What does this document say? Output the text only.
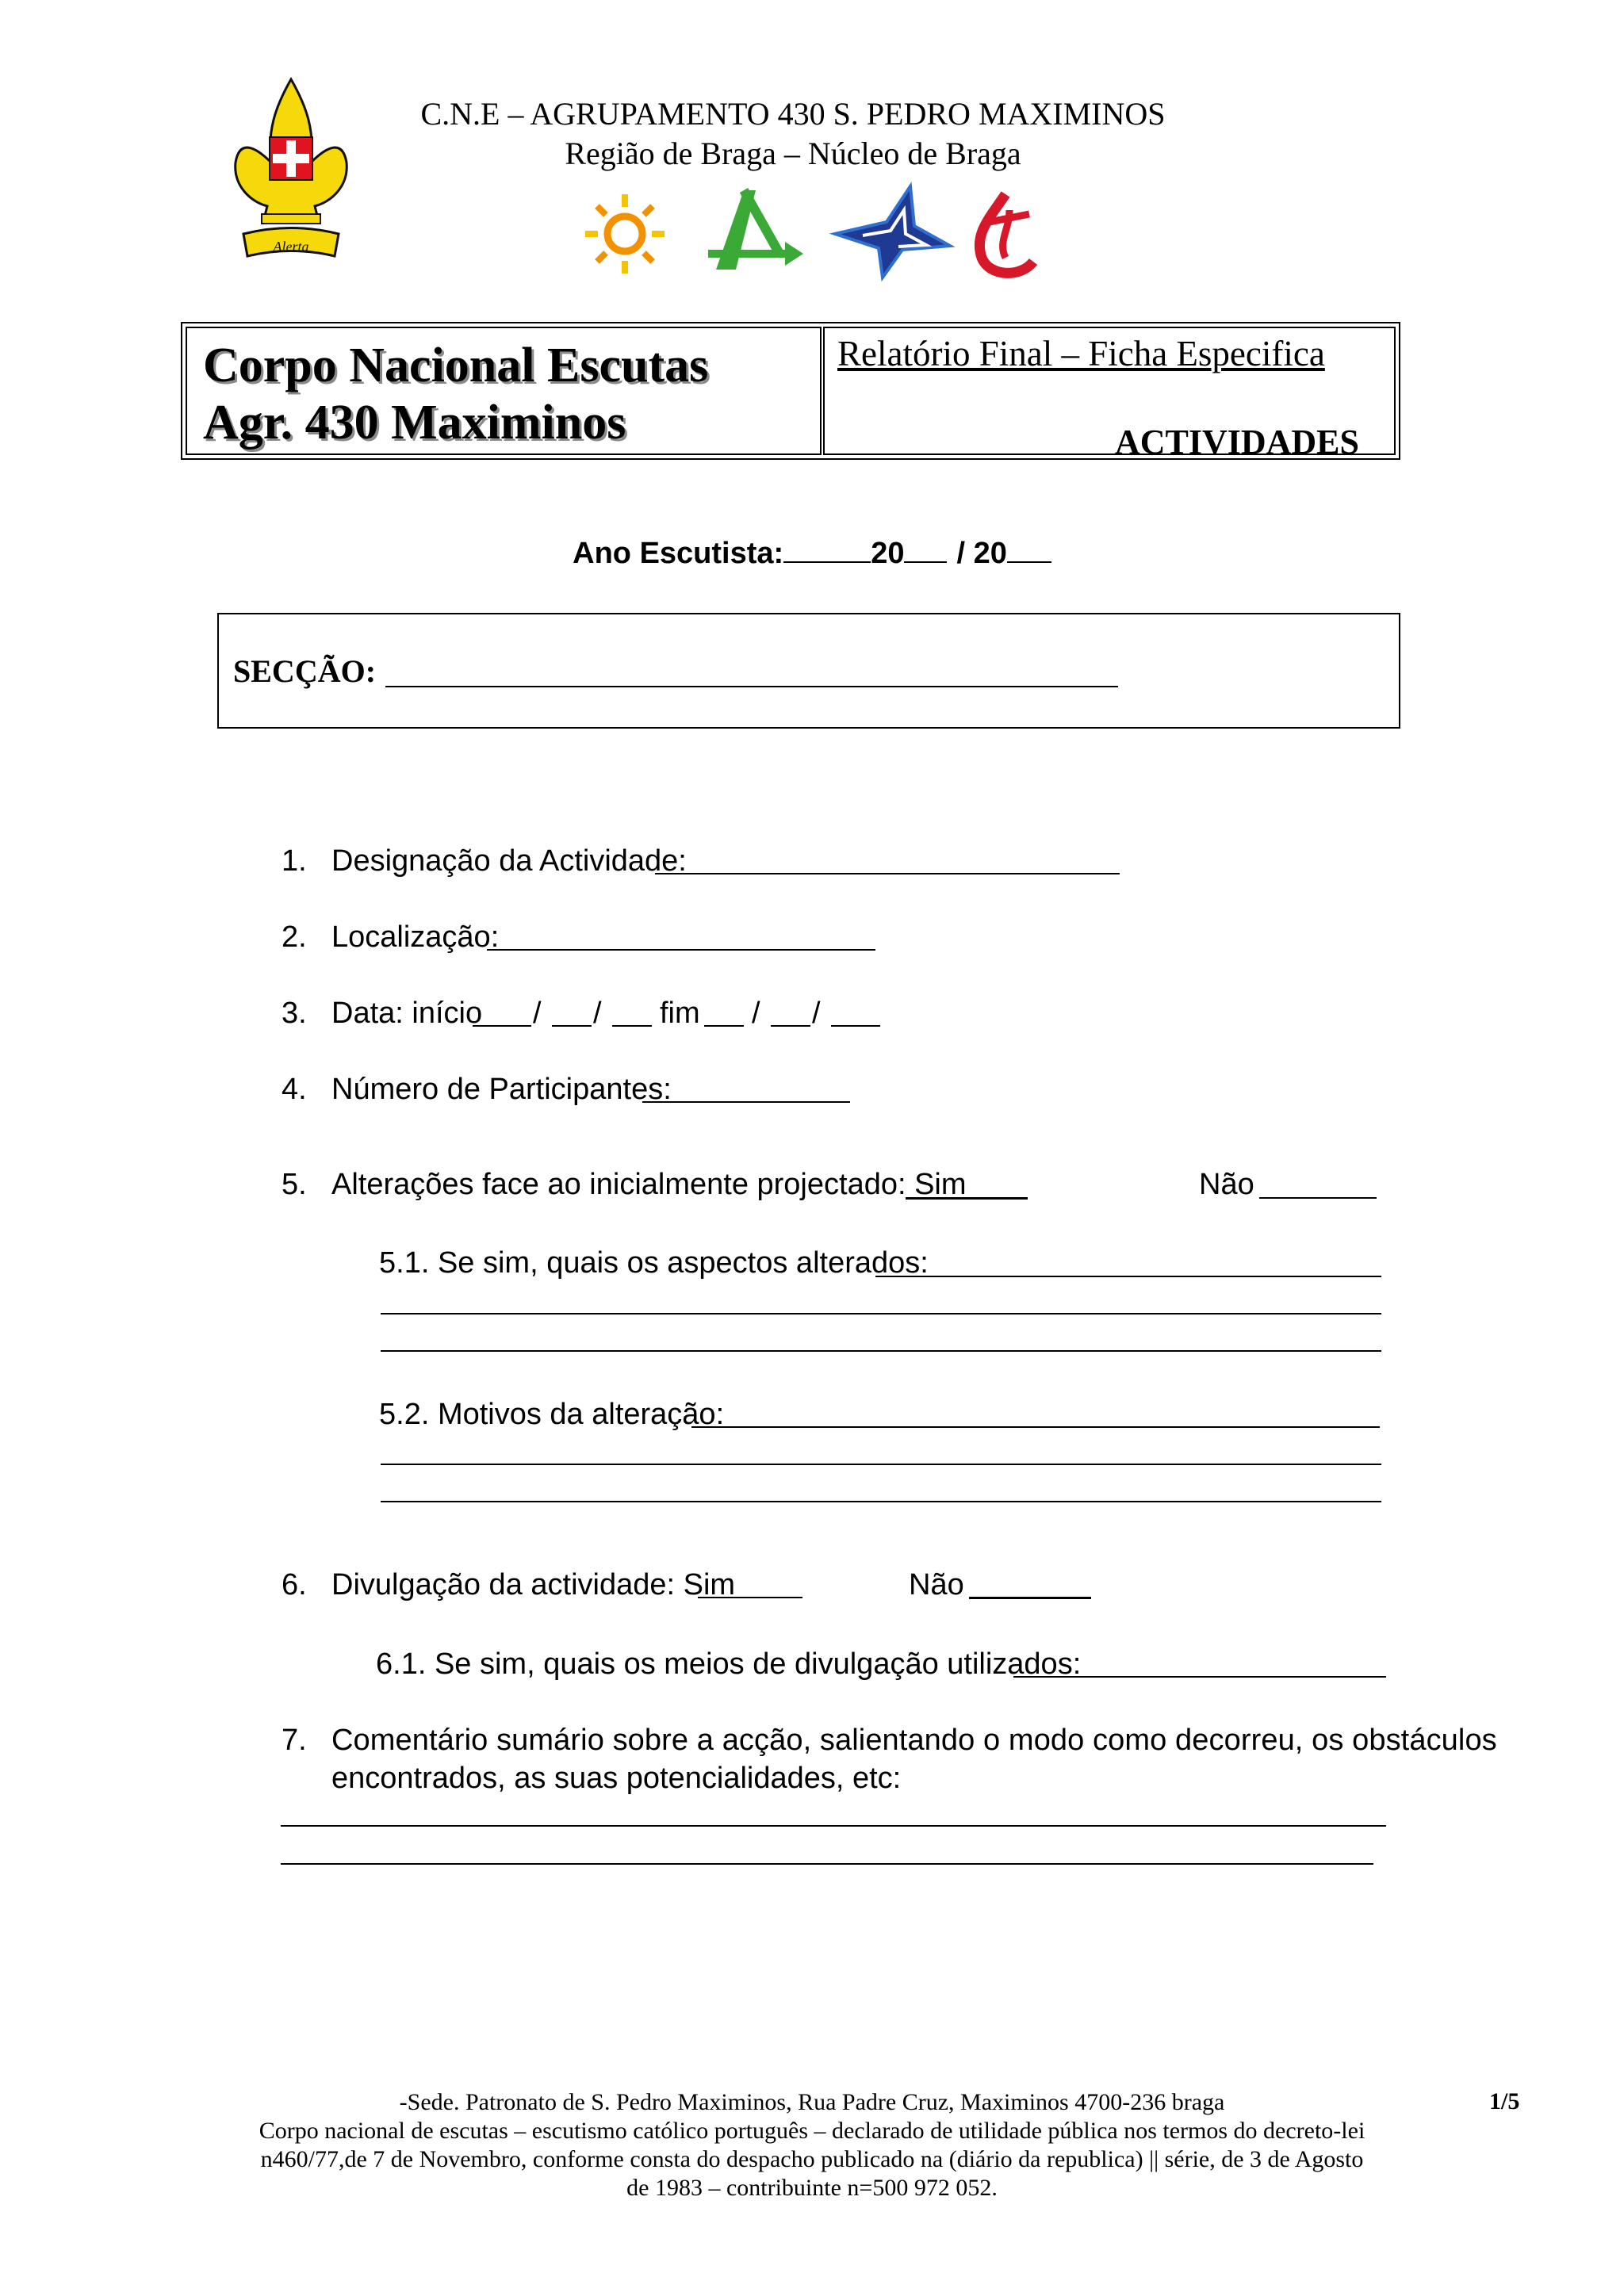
Alerta
C.N.E – AGRUPAMENTO 430 S. PEDRO MAXIMINOS
Região de Braga – Núcleo de Braga
Corpo Nacional Escutas
Agr. 430 Maximinos
Relatório Final – Ficha Especifica
ACTIVIDADES
Ano Escutista:	20 / 20
SECÇÃO:
1. Designação da Actividade:
2. Localização:
3. Data: início / / fim / /
4. Número de Participantes:
5. Alterações face ao inicialmente projectado: Sim	Não
5.1. Se sim, quais os aspectos alterados:
5.2. Motivos da alteração:
6. Divulgação da actividade: Sim	Não
6.1. Se sim, quais os meios de divulgação utilizados:
7. Comentário sumário sobre a acção, salientando o modo como decorreu, os obstáculos
encontrados, as suas potencialidades, etc:
-Sede. Patronato de S. Pedro Maximinos, Rua Padre Cruz, Maximinos 4700-236 braga
Corpo nacional de escutas – escutismo católico português – declarado de utilidade pública nos termos do decreto-lei
n460/77,de 7 de Novembro, conforme consta do despacho publicado na (diário da republica) || série, de 3 de Agosto
de 1983 – contribuinte n=500 972 052.
1/5
